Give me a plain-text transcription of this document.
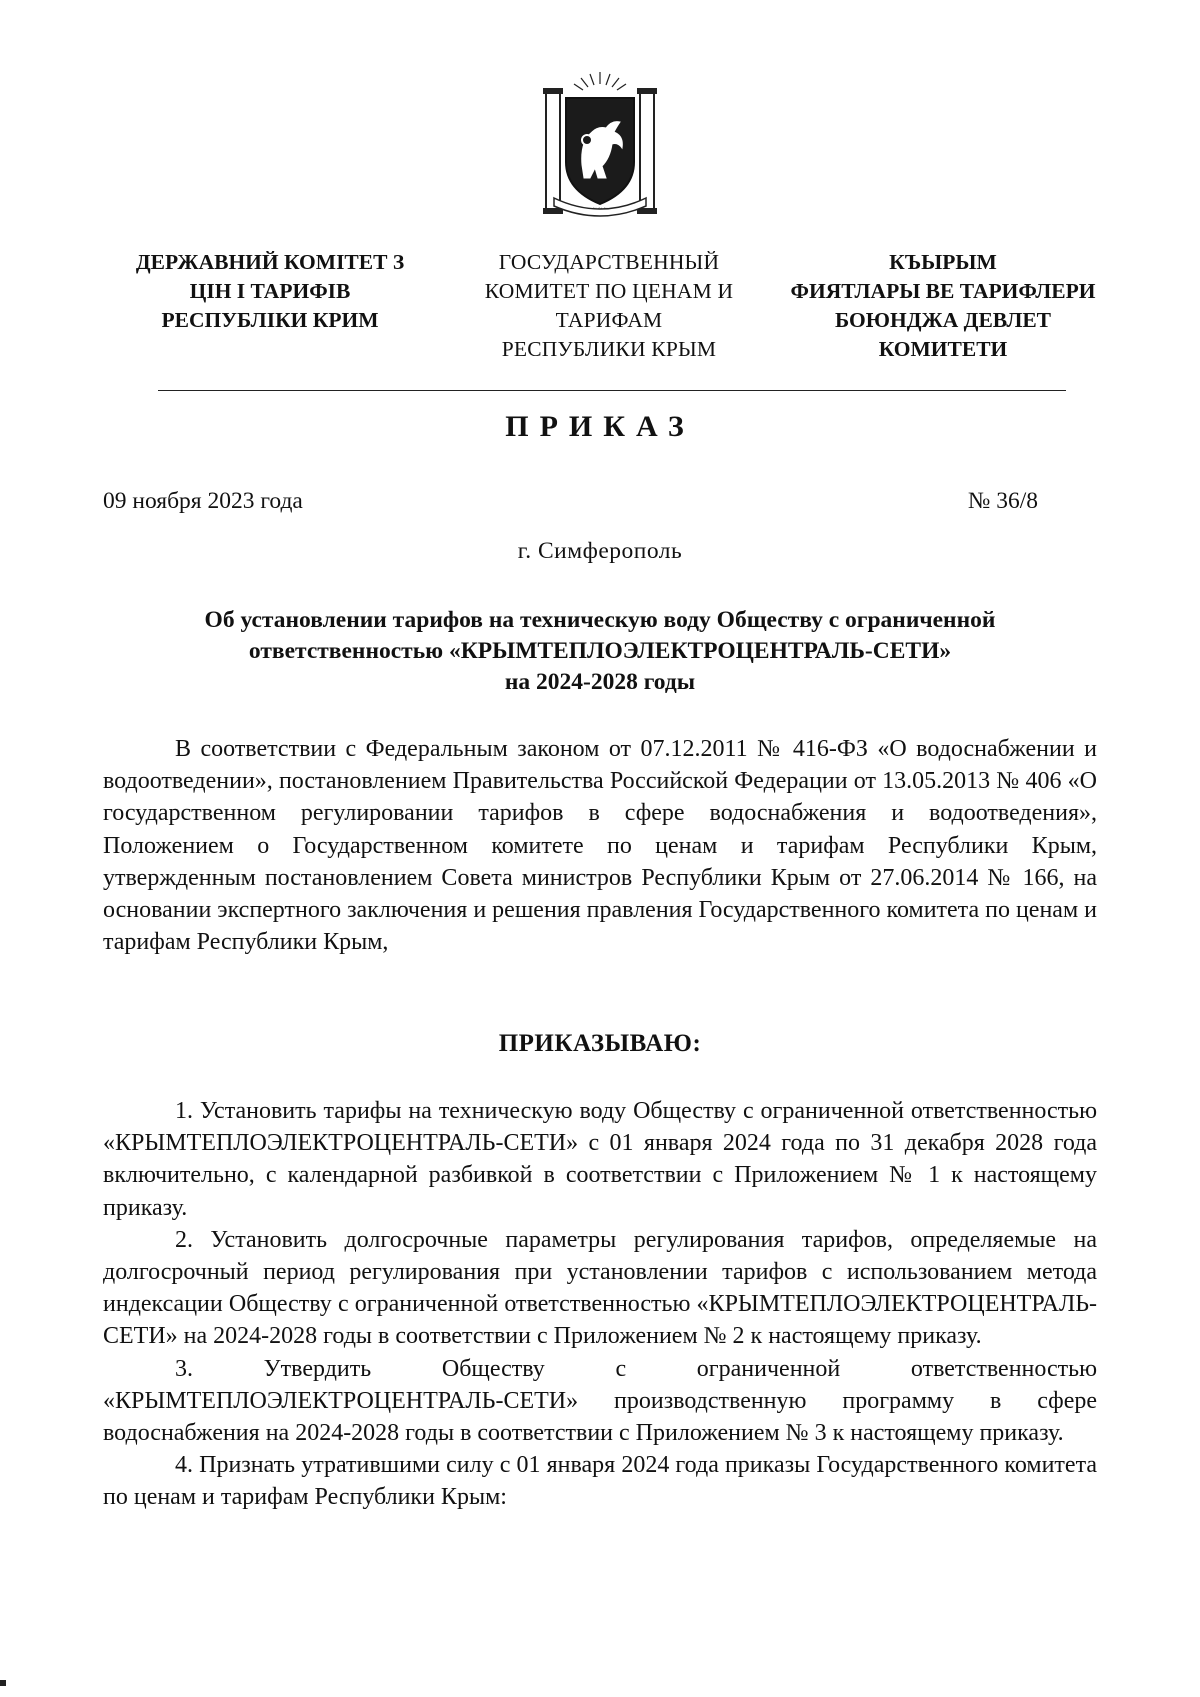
~ ~ ~
ДЕРЖАВНИЙ КОМІТЕТ З
ЦІН І ТАРИФІВ
РЕСПУБЛІКИ КРИМ
ГОСУДАРСТВЕННЫЙ
КОМИТЕТ ПО ЦЕНАМ И
ТАРИФАМ
РЕСПУБЛИКИ КРЫМ
КЪЫРЫМ
ФИЯТЛАРЫ ВЕ ТАРИФЛЕРИ
БОЮНДЖА ДЕВЛЕТ
КОМИТЕТИ
ПРИКАЗ
09 ноября 2023 года	№ 36/8
г. Симферополь
Об установлении тарифов на техническую воду Обществу с ограниченной
ответственностью «КРЫМТЕПЛОЭЛЕКТРОЦЕНТРАЛЬ-СЕТИ»
на 2024-2028 годы

В соответствии с Федеральным законом от 07.12.2011 № 416-ФЗ «О водоснабжении и водоотведении», постановлением Правительства Российской Федерации от 13.05.2013 № 406 «О государственном регулировании тарифов в сфере водоснабжения и водоотведения», Положением о Государственном комитете по ценам и тарифам Республики Крым, утвержденным постановлением Совета министров Республики Крым от 27.06.2014 № 166, на основании экспертного заключения и решения правления Государственного комитета по ценам и тарифам Республики Крым,

ПРИКАЗЫВАЮ:

1. Установить тарифы на техническую воду Обществу с ограниченной ответственностью «КРЫМТЕПЛОЭЛЕКТРОЦЕНТРАЛЬ-СЕТИ» с 01 января 2024 года по 31 декабря 2028 года включительно, с календарной разбивкой в соответствии с Приложением № 1 к настоящему приказу.

2. Установить долгосрочные параметры регулирования тарифов, определяемые на долгосрочный период регулирования при установлении тарифов с использованием метода индексации Обществу с ограниченной ответственностью «КРЫМТЕПЛОЭЛЕКТРОЦЕНТРАЛЬ-СЕТИ» на 2024-2028 годы в соответствии с Приложением № 2 к настоящему приказу.

3. Утвердить Обществу с ограниченной ответственностью «КРЫМТЕПЛОЭЛЕКТРОЦЕНТРАЛЬ-СЕТИ» производственную программу в сфере водоснабжения на 2024-2028 годы в соответствии с Приложением № 3 к настоящему приказу.

4. Признать утратившими силу с 01 января 2024 года приказы Государственного комитета по ценам и тарифам Республики Крым:
